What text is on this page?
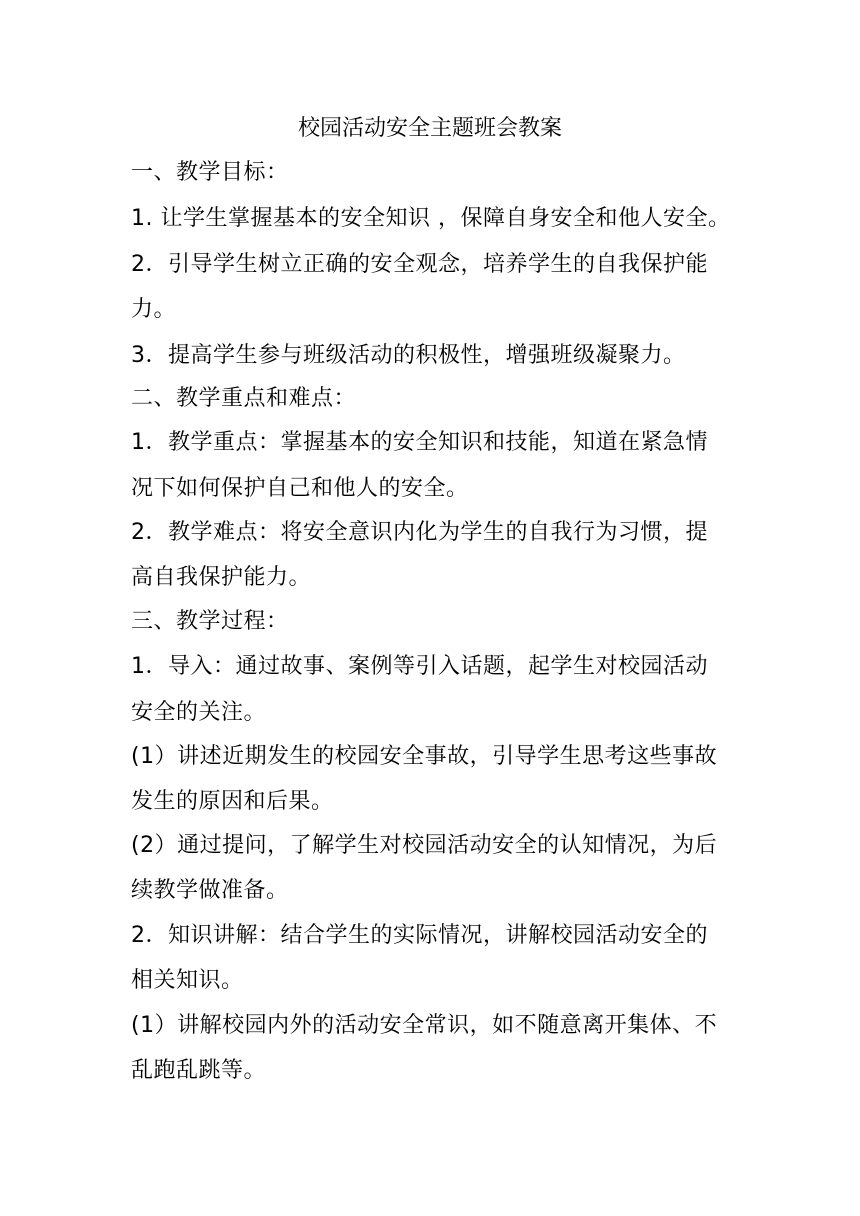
校园活动安全主题班会教案
一、教学目标：
1. 让学生掌握基本的安全知识 ，保障自身安全和他人安全。
2．引导学生树立正确的安全观念，培养学生的自我保护能
力。
3．提高学生参与班级活动的积极性，增强班级凝聚力。
二、教学重点和难点：
1．教学重点：掌握基本的安全知识和技能，知道在紧急情
况下如何保护自己和他人的安全。
2．教学难点：将安全意识内化为学生的自我行为习惯，提
高自我保护能力。
三、教学过程：
1．导入：通过故事、案例等引入话题，起学生对校园活动
安全的关注。
(1）讲述近期发生的校园安全事故，引导学生思考这些事故
发生的原因和后果。
(2）通过提问，了解学生对校园活动安全的认知情况，为后
续教学做准备。
2．知识讲解：结合学生的实际情况，讲解校园活动安全的
相关知识。
(1）讲解校园内外的活动安全常识，如不随意离开集体、不
乱跑乱跳等。
